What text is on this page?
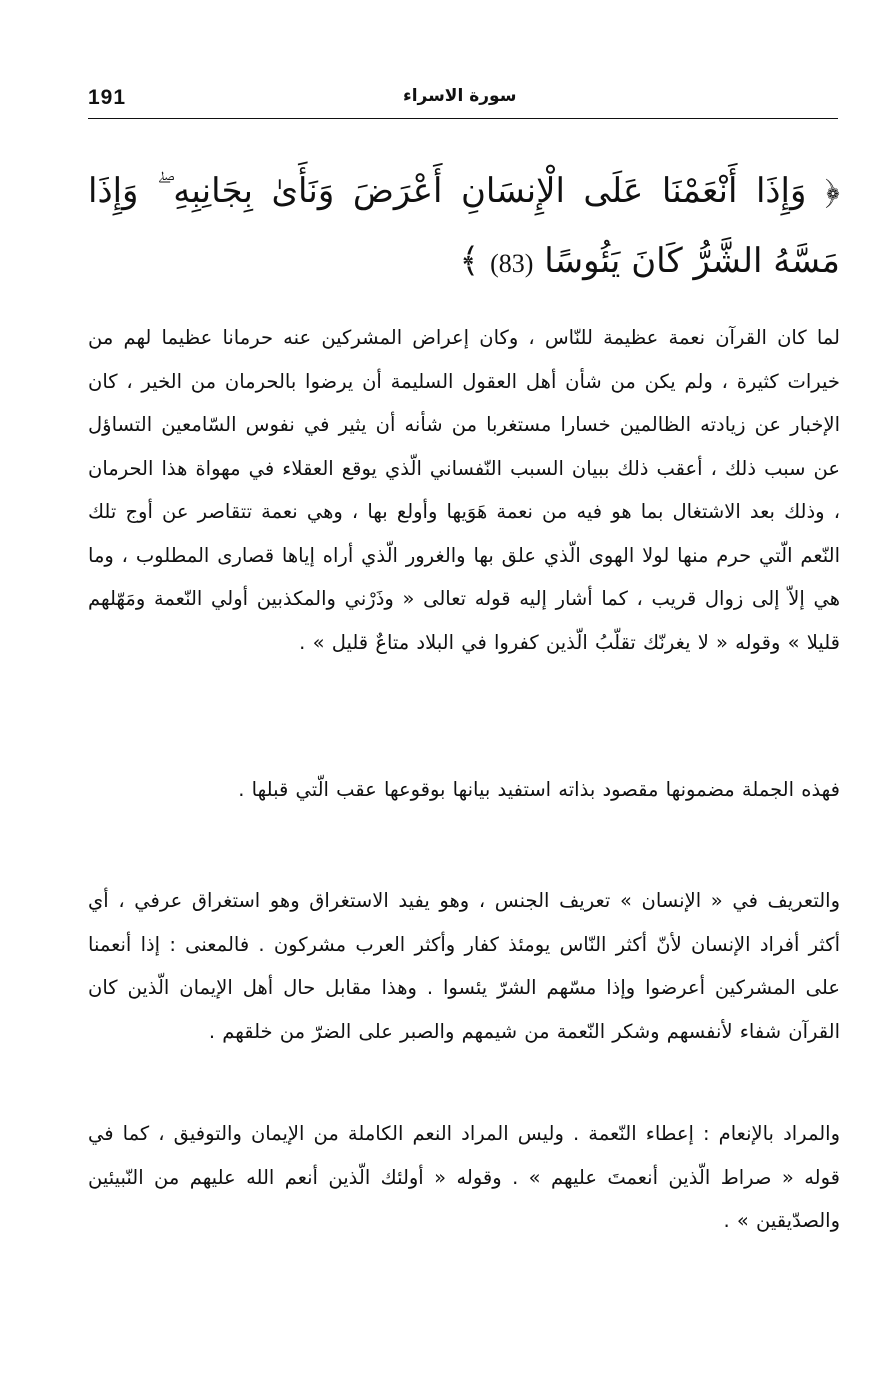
191	سورة الاسراء
﴿ وَإِذَا أَنْعَمْنَا عَلَى الْإِنسَانِ أَعْرَضَ وَنَأَىٰ بِجَانِبِهِ ۖ وَإِذَا مَسَّهُ الشَّرُّ كَانَ يَئُوسًا (83) ﴾
لما كان القرآن نعمة عظيمة للنّاس ، وكان إعراض المشركين عنه حرمانا عظيما لهم من خيرات كثيرة ، ولم يكن من شأن أهل العقول السليمة أن يرضوا بالحرمان من الخير ، كان الإخبار عن زيادته الظالمين خسارا مستغربا من شأنه أن يثير في نفوس السّامعين التساؤل عن سبب ذلك ، أعقب ذلك ببيان السبب النّفساني الّذي يوقع العقلاء في مهواة هذا الحرمان ، وذلك بعد الاشتغال بما هو فيه من نعمة هَوَيها وأولع بها ، وهي نعمة تتقاصر عن أوج تلك النّعم الّتي حرم منها لولا الهوى الّذي علق بها والغرور الّذي أراه إياها قصارى المطلوب ، وما هي إلاّ إلى زوال قريب ، كما أشار إليه قوله تعالى « وذَرْني والمكذبين أولي النّعمة ومَهّلهم قليلا » وقوله « لا يغرنّك تقلّبُ الّذين كفروا في البلاد متاعٌ قليل » .
فهذه الجملة مضمونها مقصود بذاته استفيد بيانها بوقوعها عقب الّتي قبلها .
والتعريف في « الإنسان » تعريف الجنس ، وهو يفيد الاستغراق وهو استغراق عرفي ، أي أكثر أفراد الإنسان لأنّ أكثر النّاس يومئذ كفار وأكثر العرب مشركون . فالمعنى : إذا أنعمنا على المشركين أعرضوا وإذا مسّهم الشرّ يئسوا . وهذا مقابل حال أهل الإيمان الّذين كان القرآن شفاء لأنفسهم وشكر النّعمة من شيمهم والصبر على الضرّ من خلقهم .
والمراد بالإنعام : إعطاء النّعمة . وليس المراد النعم الكاملة من الإيمان والتوفيق ، كما في قوله « صراط الّذين أنعمتَ عليهم » . وقوله « أولئك الّذين أنعم الله عليهم من النّبيئين والصدّيقين » .
